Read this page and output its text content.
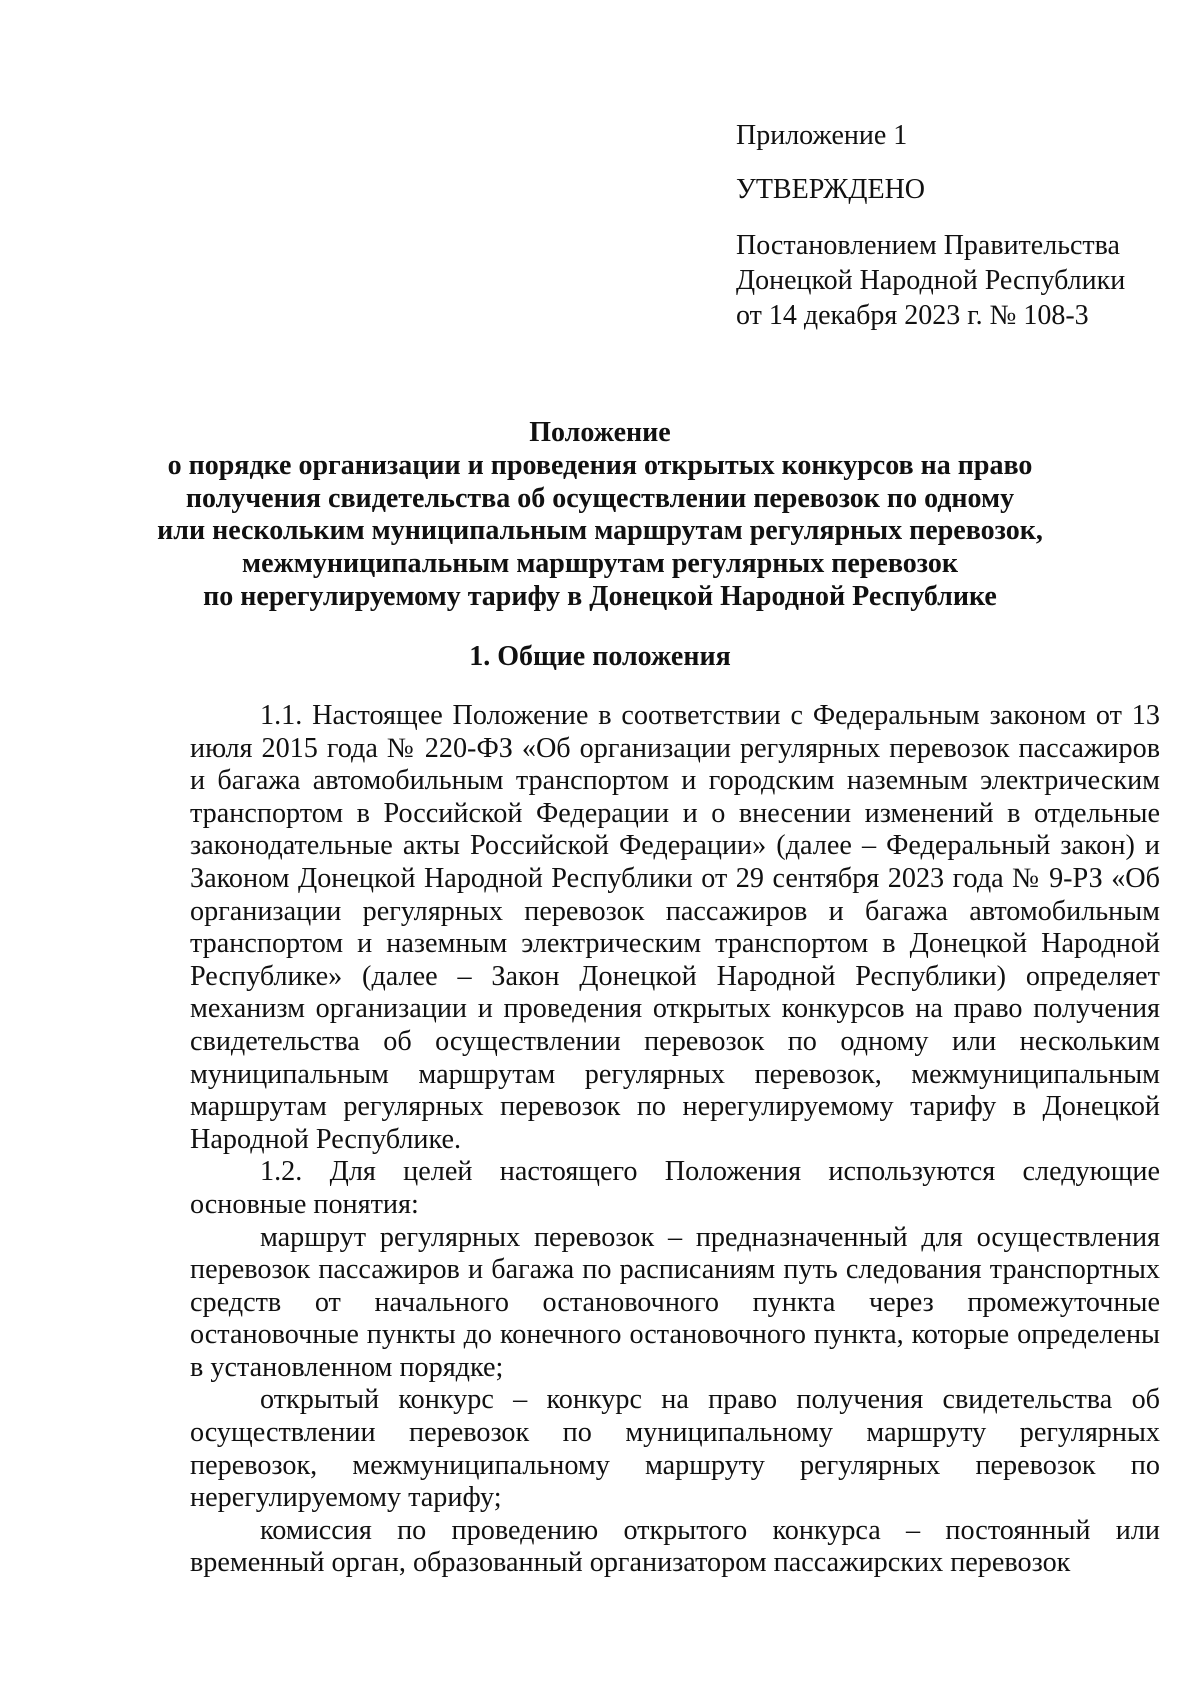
Приложение 1
УТВЕРЖДЕНО
Постановлением Правительства
Донецкой Народной Республики
от 14 декабря 2023 г. № 108-3
Положение
о порядке организации и проведения открытых конкурсов на право
получения свидетельства об осуществлении перевозок по одному
или нескольким муниципальным маршрутам регулярных перевозок,
межмуниципальным маршрутам регулярных перевозок
по нерегулируемому тарифу в Донецкой Народной Республике
1. Общие положения

1.1. Настоящее Положение в соответствии с Федеральным законом от 13 июля 2015 года № 220-ФЗ «Об организации регулярных перевозок пассажиров и багажа автомобильным транспортом и городским наземным электрическим транспортом в Российской Федерации и о внесении изменений в отдельные законодательные акты Российской Федерации» (далее – Федеральный закон) и Законом Донецкой Народной Республики от 29 сентября 2023 года № 9-РЗ «Об организации регулярных перевозок пассажиров и багажа автомобильным транспортом и наземным электрическим транспортом в Донецкой Народной Республике» (далее – Закон Донецкой Народной Республики) определяет механизм организации и проведения открытых конкурсов на право получения свидетельства об осуществлении перевозок по одному или нескольким муниципальным маршрутам регулярных перевозок, межмуниципальным маршрутам регулярных перевозок по нерегулируемому тарифу в Донецкой Народной Республике.

1.2. Для целей настоящего Положения используются следующие основные понятия:

маршрут регулярных перевозок – предназначенный для осуществления перевозок пассажиров и багажа по расписаниям путь следования транспортных средств от начального остановочного пункта через промежуточные остановочные пункты до конечного остановочного пункта, которые определены в установленном порядке;

открытый конкурс – конкурс на право получения свидетельства об осуществлении перевозок по муниципальному маршруту регулярных перевозок, межмуниципальному маршруту регулярных перевозок по нерегулируемому тарифу;

комиссия по проведению открытого конкурса – постоянный или временный орган, образованный организатором пассажирских перевозок
